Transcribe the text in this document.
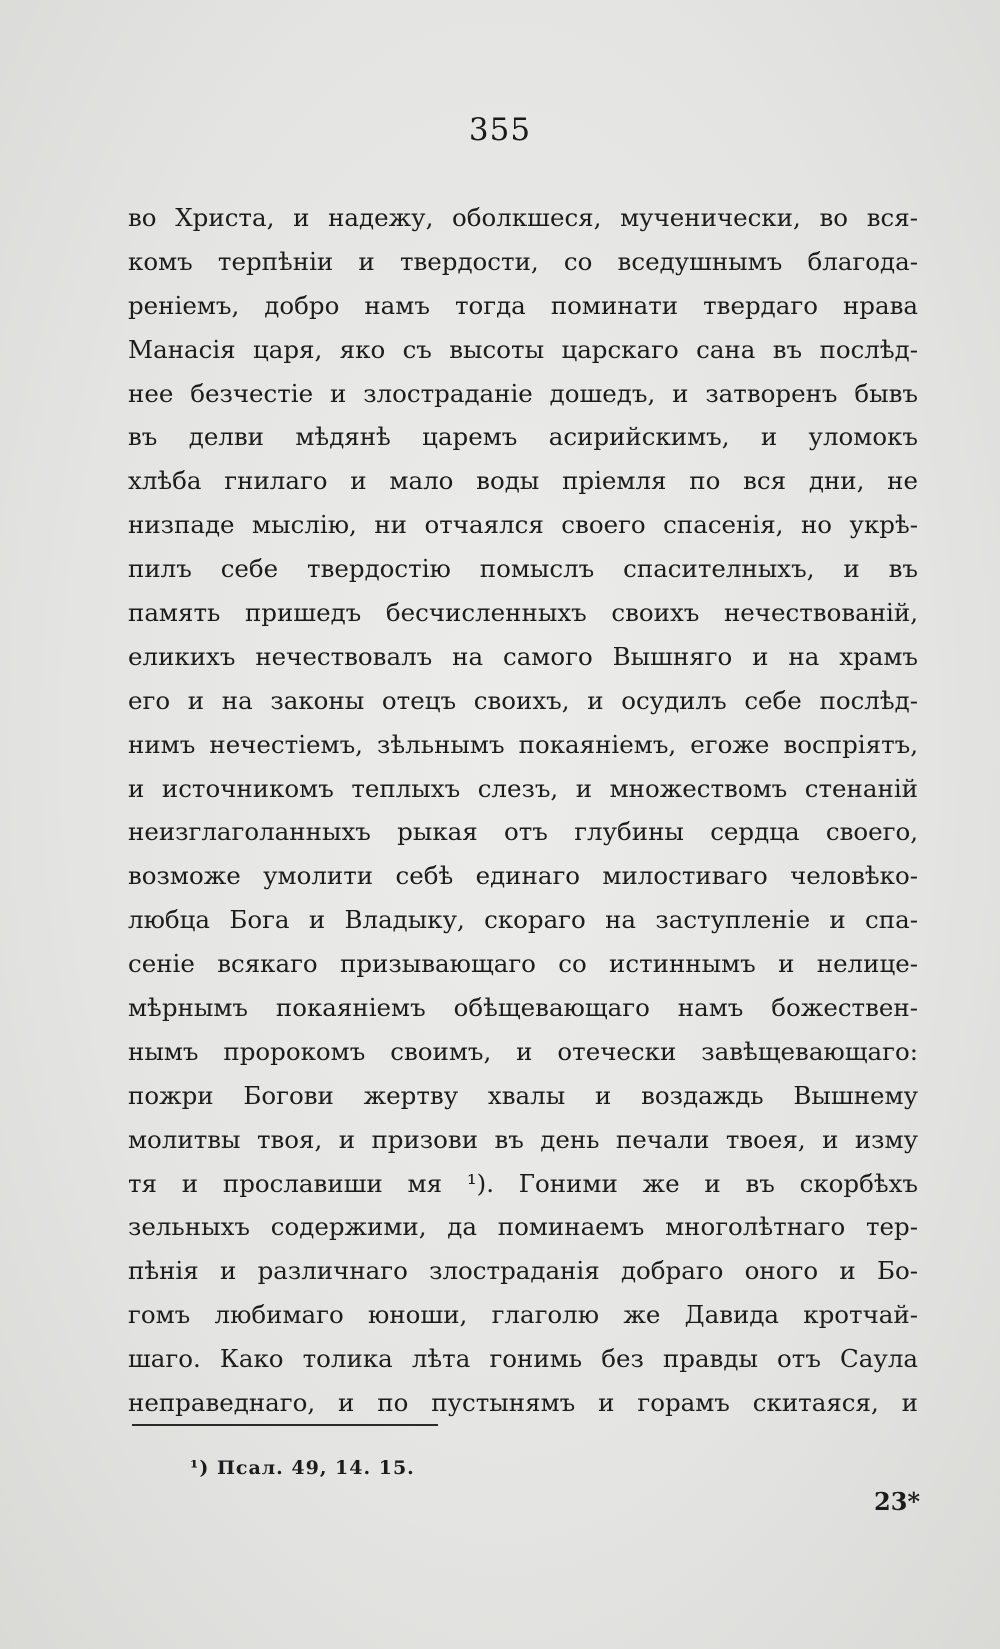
355
во Христа, и надежу, оболкшеся, мученически, во вся-
комъ терпѣніи и твердости, со вседушнымъ благода-
реніемъ, добро намъ тогда поминати твердаго нрава
Манасія царя, яко съ высоты царскаго сана въ послѣд-
нее безчестіе и злостраданіе дошедъ, и затворенъ бывъ
въ делви мѣдянѣ царемъ асирийскимъ, и уломокъ
хлѣба гнилаго и мало воды пріемля по вся дни, не
низпаде мыслію, ни отчаялся своего спасенія, но укрѣ-
пилъ себе твердостію помыслъ спасителныхъ, и въ
память пришедъ бесчисленныхъ своихъ нечествованій,
еликихъ нечествовалъ на самого Вышняго и на храмъ
его и на законы отецъ своихъ, и осудилъ себе послѣд-
нимъ нечестіемъ, зѣльнымъ покаяніемъ, егоже воспріятъ,
и источникомъ теплыхъ слезъ, и множествомъ стенаній
неизглаголанныхъ рыкая отъ глубины сердца своего,
возможе умолити себѣ единаго милостиваго человѣко-
любца Бога и Владыку, скораго на заступленіе и спа-
сеніе всякаго призывающаго со истиннымъ и нелице-
мѣрнымъ покаяніемъ обѣщевающаго намъ божествен-
нымъ пророкомъ своимъ, и отечески завѣщевающаго:
пожри Богови жертву хвалы и воздаждь Вышнему
молитвы твоя, и призови въ день печали твоея, и изму
тя и прославиши мя ¹). Гоними же и въ скорбѣхъ
зельныхъ содержими, да поминаемъ многолѣтнаго тер-
пѣнія и различнаго злостраданія добраго оного и Бо-
гомъ любимаго юноши, глаголю же Давида кротчай-
шаго. Како толика лѣта гонимь без правды отъ Саула
неправеднаго, и по пустынямъ и горамъ скитаяся, и
¹) Псал. 49, 14. 15.
23*
